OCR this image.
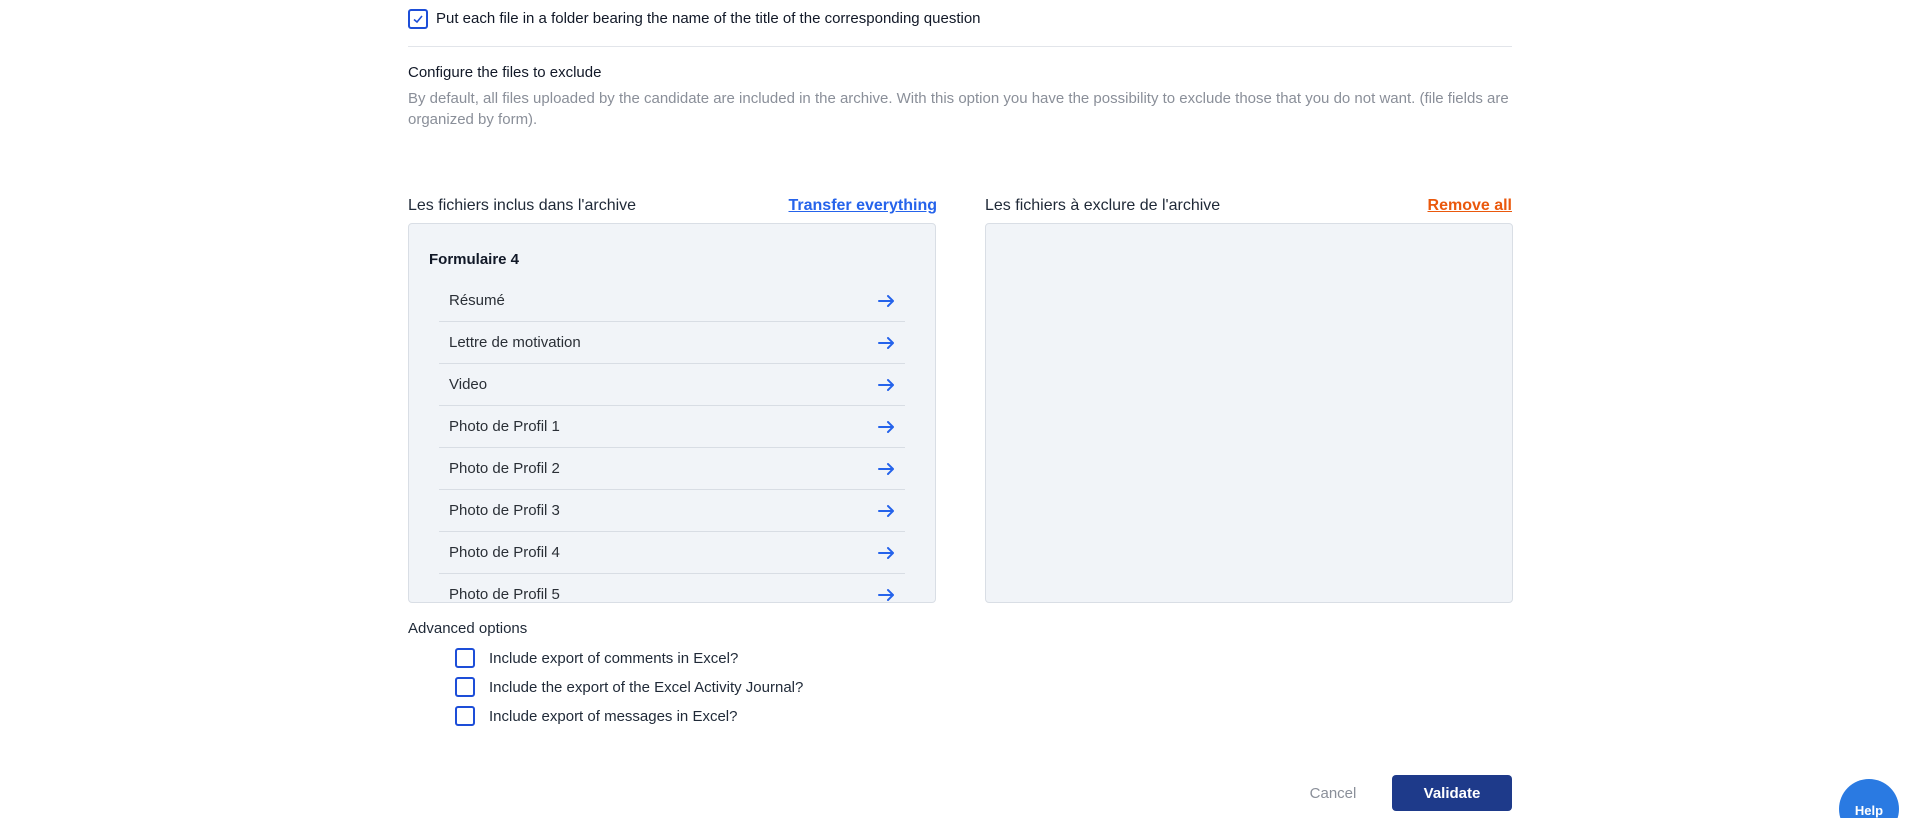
Put each file in a folder bearing the name of the title of the corresponding question
Configure the files to exclude
By default, all files uploaded by the candidate are included in the archive. With this option you have the possibility to exclude those that you do not want. (file fields are organized by form).
Les fichiers inclus dans l'archive	Transfer everything
Formulaire 4
Résumé
Lettre de motivation
Video
Photo de Profil 1
Photo de Profil 2
Photo de Profil 3
Photo de Profil 4
Photo de Profil 5
Les fichiers à exclure de l'archive	Remove all
Advanced options
Include export of comments in Excel?
Include the export of the Excel Activity Journal?
Include export of messages in Excel?
Cancel	Validate
Help
